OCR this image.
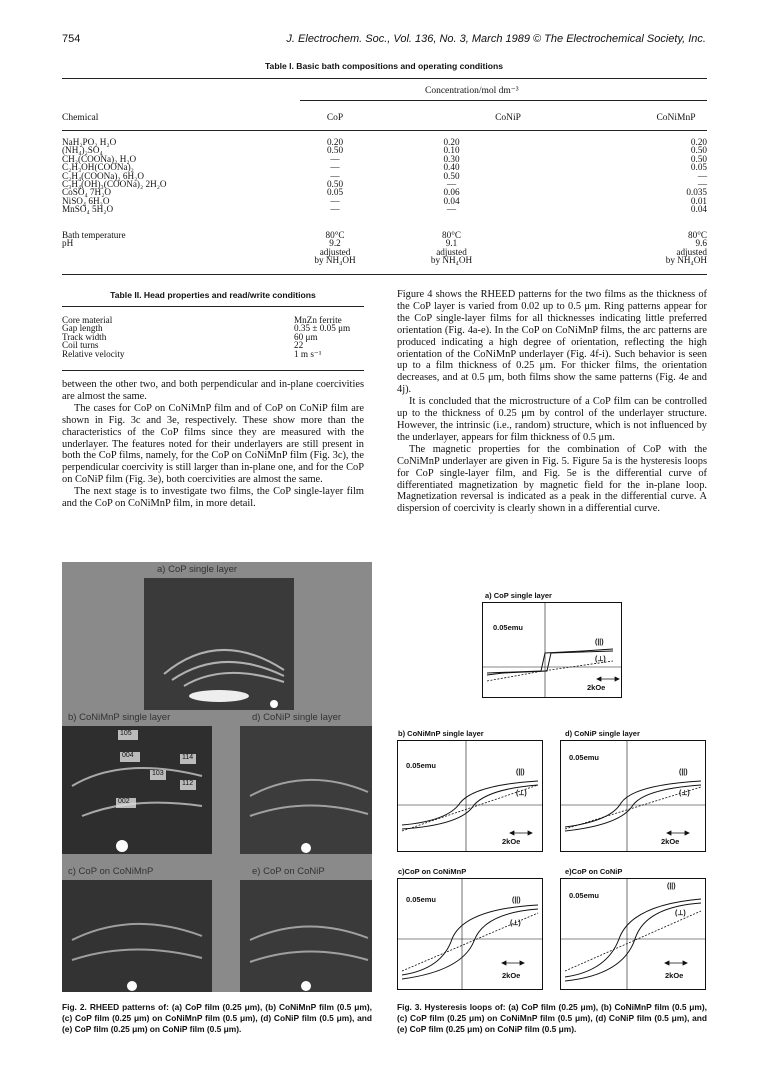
754	J. Electrochem. Soc., Vol. 136, No. 3, March 1989 © The Electrochemical Society, Inc.
Table I. Basic bath compositions and operating conditions
Concentration/mol dm⁻³
Chemical	CoP	CoNiP	CoNiMnP
NaH₂PO₂ H₂O	0.20	0.20	0.20
(NH₄)₂SO₄	0.50	0.10	0.50
CH₂(COONa)₂ H₂O	—	0.30	0.50
C₂H₃OH(COONa)₂	—	0.40	0.05
C₂H₄(COONa)₂ 6H₂O	—	0.50	—
C₃H₄(OH)₃(COONa)₂ 2H₂O	0.50	—	—
CoSO₄ 7H₂O	0.05	0.06	0.035
NiSO₄ 6H₂O	—	0.04	0.01
MnSO₄ 5H₂O	—	—	0.04
Bath temperature	80°C	80°C	80°C
pH	9.2	9.1	9.6
	adjusted	adjusted	adjusted
	by NH₄OH	by NH₄OH	by NH₄OH
Table II. Head properties and read/write conditions
Core material	MnZn ferrite
Gap length	0.35 ± 0.05 μm
Track width	60 μm
Coil turns	22
Relative velocity	1 m s⁻¹

between the other two, and both perpendicular and in-plane coercivities are almost the same.

The cases for CoP on CoNiMnP film and of CoP on CoNiP film are shown in Fig. 3c and 3e, respectively. These show more than the characteristics of the CoP films since they are measured with the underlayer. The features noted for their underlayers are still present in both the CoP films, namely, for the CoP on CoNiMnP film (Fig. 3c), the perpendicular coercivity is still larger than in-plane one, and for the CoP on CoNiP film (Fig. 3e), both coercivities are almost the same.

The next stage is to investigate two films, the CoP single-layer film and the CoP on CoNiMnP film, in more detail.

Figure 4 shows the RHEED patterns for the two films as the thickness of the CoP layer is varied from 0.02 up to 0.5 μm. Ring patterns appear for the CoP single-layer films for all thicknesses indicating little preferred orientation (Fig. 4a-e). In the CoP on CoNiMnP films, the arc patterns are produced indicating a high degree of orientation, reflecting the high orientation of the CoNiMnP underlayer (Fig. 4f-i). Such behavior is seen up to a film thickness of 0.25 μm. For thicker films, the orientation decreases, and at 0.5 μm, both films show the same patterns (Fig. 4e and 4j).

It is concluded that the microstructure of a CoP film can be controlled up to the thickness of 0.25 μm by control of the underlayer structure. However, the intrinsic (i.e., random) structure, which is not influenced by the underlayer, appears for film thickness of 0.5 μm.

The magnetic properties for the combination of CoP with the CoNiMnP underlayer are given in Fig. 5. Figure 5a is the hysteresis loops for CoP single-layer film, and Fig. 5e is the differential curve of differentiated magnetization by magnetic field for the in-plane loop. Magnetization reversal is indicated as a peak in the differential curve. A dispersion of coercivity is clearly shown in a differential curve.

a) CoP single layer
b) CoNiMnP single layer	d) CoNiP single layer
105
004	114
103
112
002
c) CoP on CoNiMnP	e) CoP on CoNiP
a) CoP single layer
0.05emu
(||)
(⊥)
2kOe
b) CoNiMnP single layer	d) CoNiP single layer
0.05emu
(||)
(⊥)
2kOe
0.05emu
(||)
(⊥)
2kOe
c)CoP on CoNiMnP	e)CoP on CoNiP
0.05emu	(||)
(⊥)
2kOe
0.05emu
(||)
(⊥)
2kOe
Fig. 2. RHEED patterns of: (a) CoP film (0.25 μm), (b) CoNiMnP film (0.5 μm), (c) CoP film (0.25 μm) on CoNiMnP film (0.5 μm), (d) CoNiP film (0.5 μm), and (e) CoP film (0.25 μm) on CoNiP film (0.5 μm).
Fig. 3. Hysteresis loops of: (a) CoP film (0.25 μm), (b) CoNiMnP film (0.5 μm), (c) CoP film (0.25 μm) on CoNiMnP film (0.5 μm), (d) CoNiP film (0.5 μm), and (e) CoP film (0.25 μm) on CoNiP film (0.5 μm).
